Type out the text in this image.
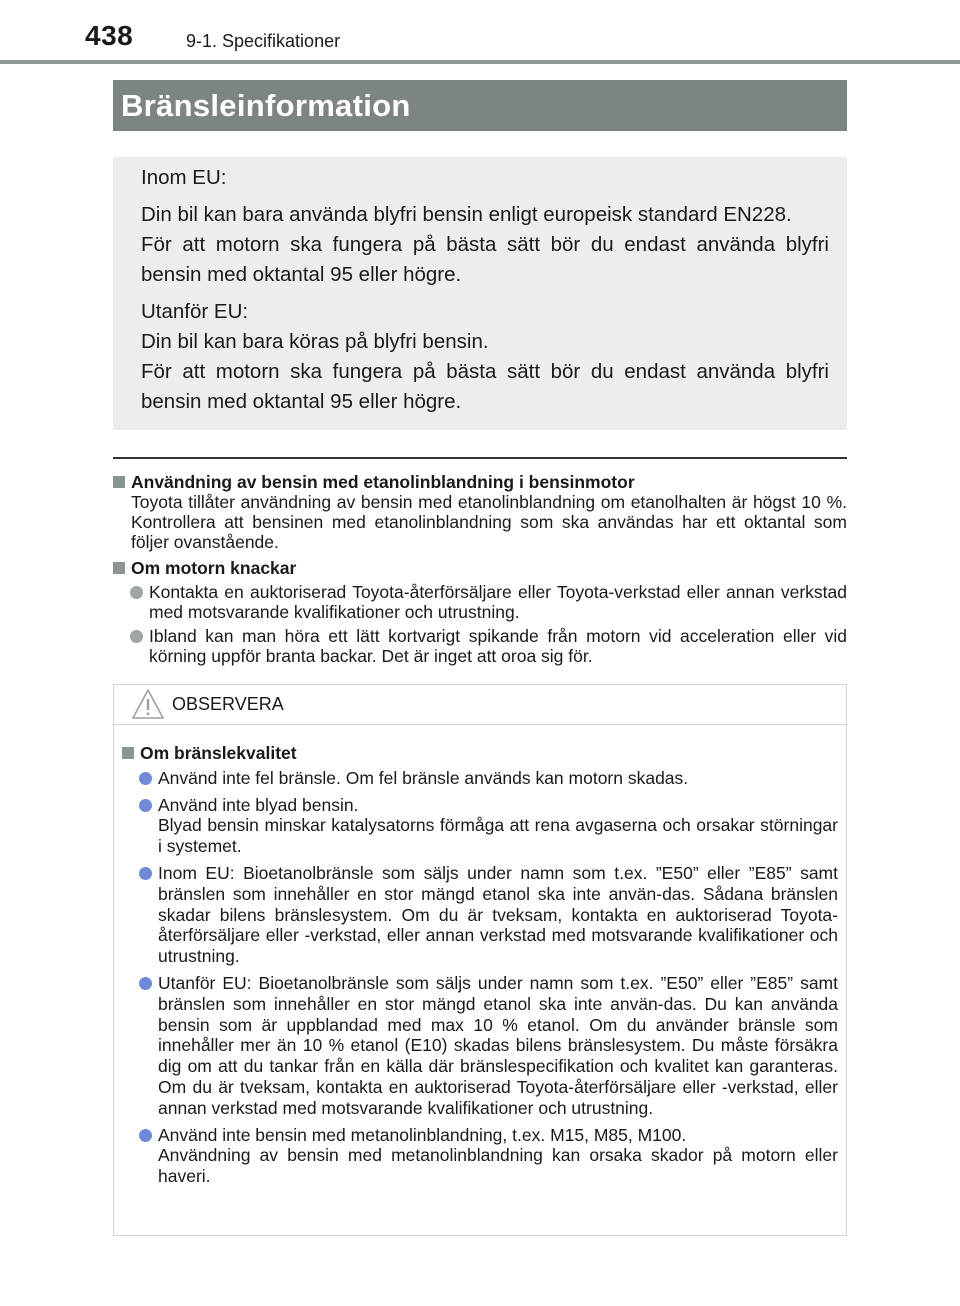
438	9-1. Specifikationer
Bränsleinformation

Inom EU:

Din bil kan bara använda blyfri bensin enligt europeisk standard EN228.

För att motorn ska fungera på bästa sätt bör du endast använda blyfri bensin med oktantal 95 eller högre.

Utanför EU:

Din bil kan bara köras på blyfri bensin.

För att motorn ska fungera på bästa sätt bör du endast använda blyfri bensin med oktantal 95 eller högre.

Användning av bensin med etanolinblandning i bensinmotor
Toyota tillåter användning av bensin med etanolinblandning om etanolhalten är högst 10 %. Kontrollera att bensinen med etanolinblandning som ska användas har ett oktantal som följer ovanstående.
Om motorn knackar
Kontakta en auktoriserad Toyota-återförsäljare eller Toyota-verkstad eller annan verkstad med motsvarande kvalifikationer och utrustning.
Ibland kan man höra ett lätt kortvarigt spikande från motorn vid acceleration eller vid körning uppför branta backar. Det är inget att oroa sig för.
OBSERVERA
Om bränslekvalitet
Använd inte fel bränsle. Om fel bränsle används kan motorn skadas.
Använd inte blyad bensin.
Blyad bensin minskar katalysatorns förmåga att rena avgaserna och orsakar störningar i systemet.
Inom EU: Bioetanolbränsle som säljs under namn som t.ex. ”E50” eller ”E85” samt bränslen som innehåller en stor mängd etanol ska inte använ-das. Sådana bränslen skadar bilens bränslesystem. Om du är tveksam, kontakta en auktoriserad Toyota-återförsäljare eller -verkstad, eller annan verkstad med motsvarande kvalifikationer och utrustning.
Utanför EU: Bioetanolbränsle som säljs under namn som t.ex. ”E50” eller ”E85” samt bränslen som innehåller en stor mängd etanol ska inte använ-das. Du kan använda bensin som är uppblandad med max 10 % etanol. Om du använder bränsle som innehåller mer än 10 % etanol (E10) skadas bilens bränslesystem. Du måste försäkra dig om att du tankar från en källa där bränslespecifikation och kvalitet kan garanteras. Om du är tveksam, kontakta en auktoriserad Toyota-återförsäljare eller -verkstad, eller annan verkstad med motsvarande kvalifikationer och utrustning.
Använd inte bensin med metanolinblandning, t.ex. M15, M85, M100.
Användning av bensin med metanolinblandning kan orsaka skador på motorn eller haveri.
